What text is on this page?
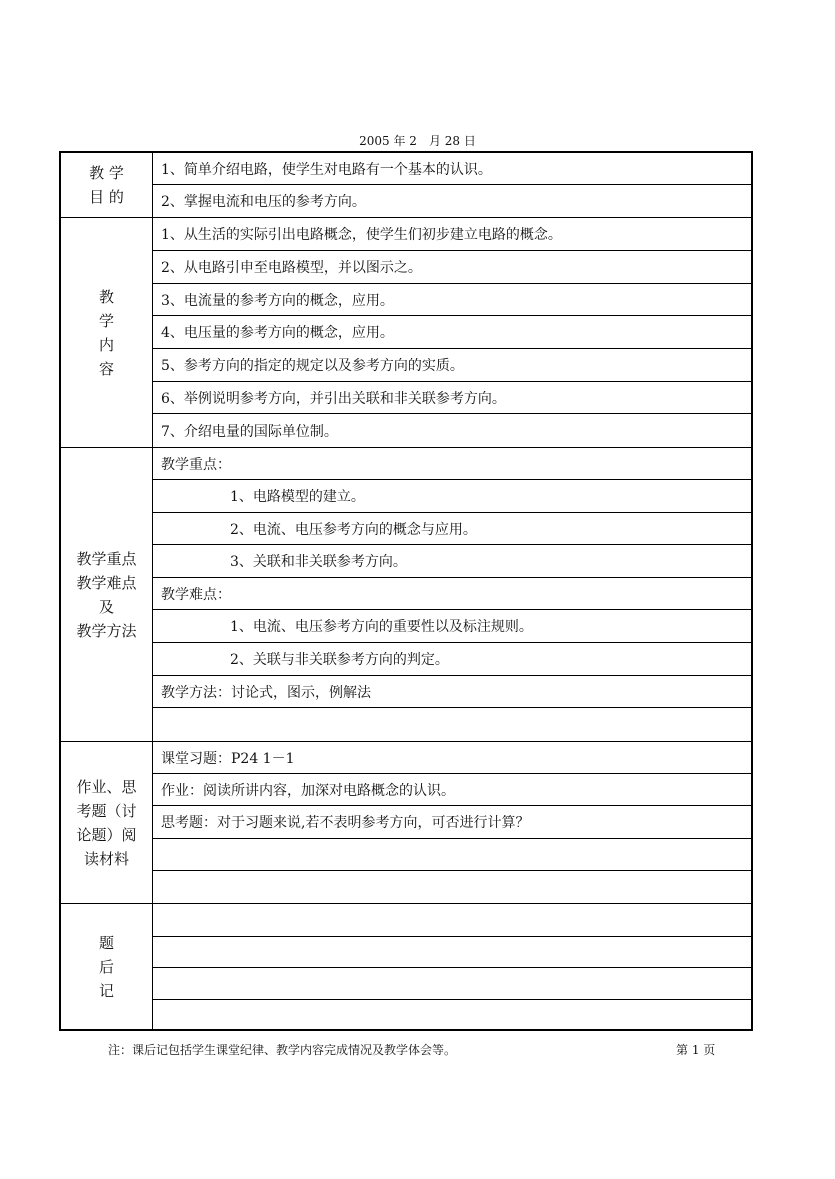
2005 年 2　月 28 日
教 学
目 的
1、简单介绍电路，使学生对电路有一个基本的认识。
2、掌握电流和电压的参考方向。
教
学
内
容
1、从生活的实际引出电路概念，使学生们初步建立电路的概念。
2、从电路引申至电路模型，并以图示之。
3、电流量的参考方向的概念，应用。
4、电压量的参考方向的概念，应用。
5、参考方向的指定的规定以及参考方向的实质。
6、举例说明参考方向，并引出关联和非关联参考方向。
7、介绍电量的国际单位制。
教学重点
教学难点
及
教学方法
教学重点：
1、电路模型的建立。
2、电流、电压参考方向的概念与应用。
3、关联和非关联参考方向。
教学难点：
1、电流、电压参考方向的重要性以及标注规则。
2、关联与非关联参考方向的判定。
教学方法：讨论式，图示，例解法
作业、思
考题（讨
论题）阅
读材料
课堂习题：P24 1－1
作业：阅读所讲内容，加深对电路概念的认识。
思考题：对于习题来说,若不表明参考方向，可否进行计算？
题
后
记
注：课后记包括学生课堂纪律、教学内容完成情况及教学体会等。	第 1 页
